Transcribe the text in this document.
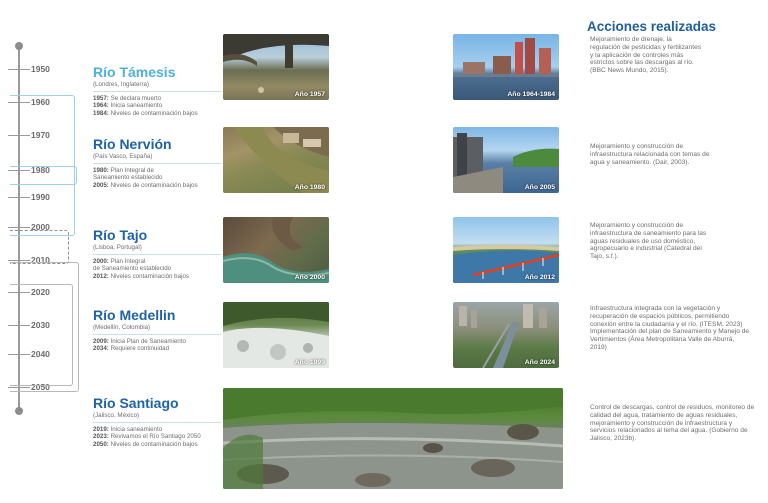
1950
1960
1970
1980
1990
2000
2010
2020
2030
2040
2050
Acciones realizadas
Río Támesis
(Londres, Inglaterra)
1957: Se declara muerto
1964: Inicia saneamiento
1984: Niveles de contaminación bajos
Año 1957	Año 1964-1984
Mejoramiento de drenaje, la regulación de pesticidas y fertilizantes y la aplicación de controles más estrictos sobre las descargas al río. (BBC News Mundo, 2015).
Río Nervión
(País Vasco, España)
1980: Plan Integral de
Saneamiento establecido
2005: Niveles de contaminación bajos	Año 1980	Año 2005
Mejoramiento y construcción de infraestructura relacionada con temas de agua y saneamiento. (Dair, 2003).
Río Tajo
(Lisboa, Portugal)
2000: Plan Integral
de Saneamiento establecido
2012: Niveles contaminación bajos	Año 2000	Año 2012
Mejoramiento y construcción de infraestructura de saneamiento para las aguas residuales de uso doméstico, agropecuario e industrial (Catedral del Tajo, s.f.).
Río Medellin
(Medellín, Colombia)
2009: Inicia Plan de Saneamiento
2034: Requiere continuidad
Año 1999	Año 2024
Infraestructura integrada con la vegetación y recuperación de espacios públicos, permitiendo conexión entre la ciudadanía y el río. (ITESM, 2023) Implementación del plan de Saneamiento y Manejo de Vertimientos (Área Metropolitana Valle de Aburrá, 2019)
Río Santiago
(Jalisco, México)
2019: Inicia saneamiento
2023: Revivamos el Río Santiago 2050
2050: Niveles de contaminación bajos
Control de descargas, control de residuos, monitoreo de calidad del agua, tratamiento de aguas residuales, mejoramiento y construcción de infraestructura y servicios relacionados al tema del agua. (Gobierno de Jalisco, 2023b).
